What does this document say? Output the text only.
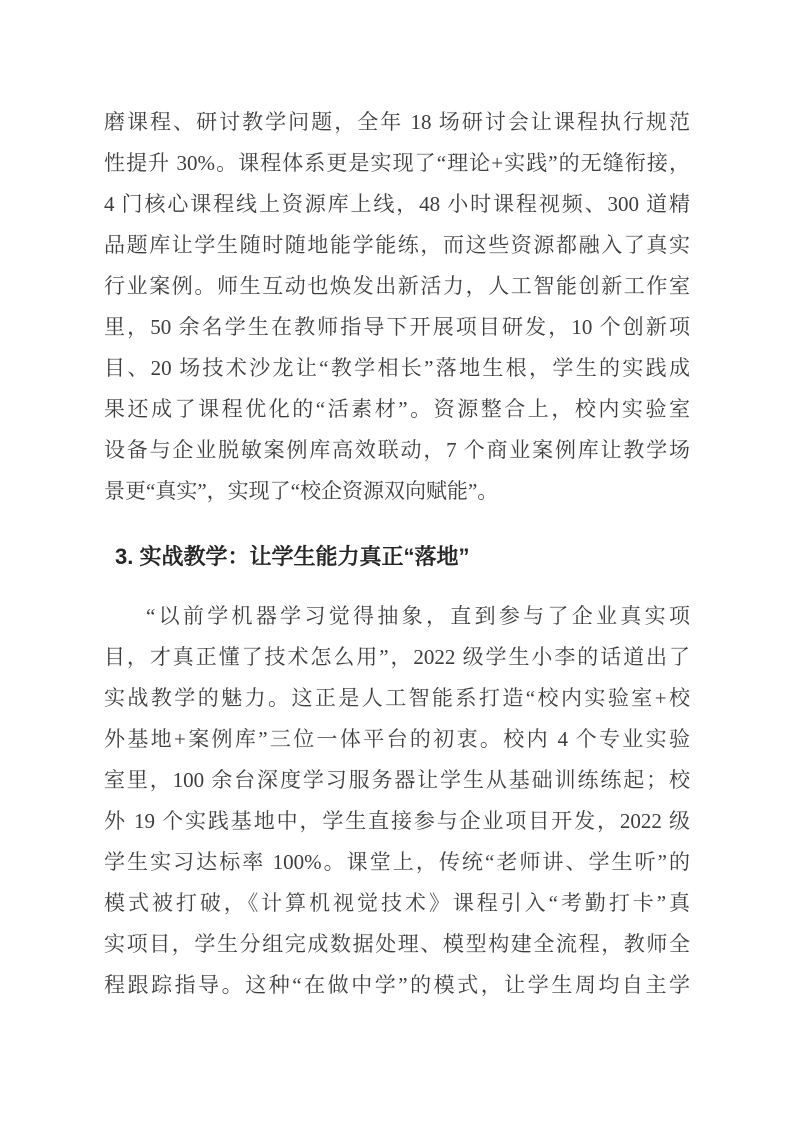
磨课程、研讨教学问题，全年 18 场研讨会让课程执行规范
性提升 30%。课程体系更是实现了“理论+实践”的无缝衔接，
4 门核心课程线上资源库上线，48 小时课程视频、300 道精
品题库让学生随时随地能学能练，而这些资源都融入了真实
行业案例。师生互动也焕发出新活力，人工智能创新工作室
里，50 余名学生在教师指导下开展项目研发，10 个创新项
目、20 场技术沙龙让“教学相长”落地生根，学生的实践成
果还成了课程优化的“活素材”。资源整合上，校内实验室
设备与企业脱敏案例库高效联动，7 个商业案例库让教学场
景更“真实”，实现了“校企资源双向赋能”。
3. 实战教学：让学生能力真正“落地”
“以前学机器学习觉得抽象，直到参与了企业真实项
目，才真正懂了技术怎么用”，2022 级学生小李的话道出了
实战教学的魅力。这正是人工智能系打造“校内实验室+校
外基地+案例库”三位一体平台的初衷。校内 4 个专业实验
室里，100 余台深度学习服务器让学生从基础训练练起；校
外 19 个实践基地中，学生直接参与企业项目开发，2022 级
学生实习达标率 100%。课堂上，传统“老师讲、学生听”的
模式被打破，《计算机视觉技术》课程引入“考勤打卡”真
实项目，学生分组完成数据处理、模型构建全流程，教师全
程跟踪指导。这种“在做中学”的模式，让学生周均自主学
